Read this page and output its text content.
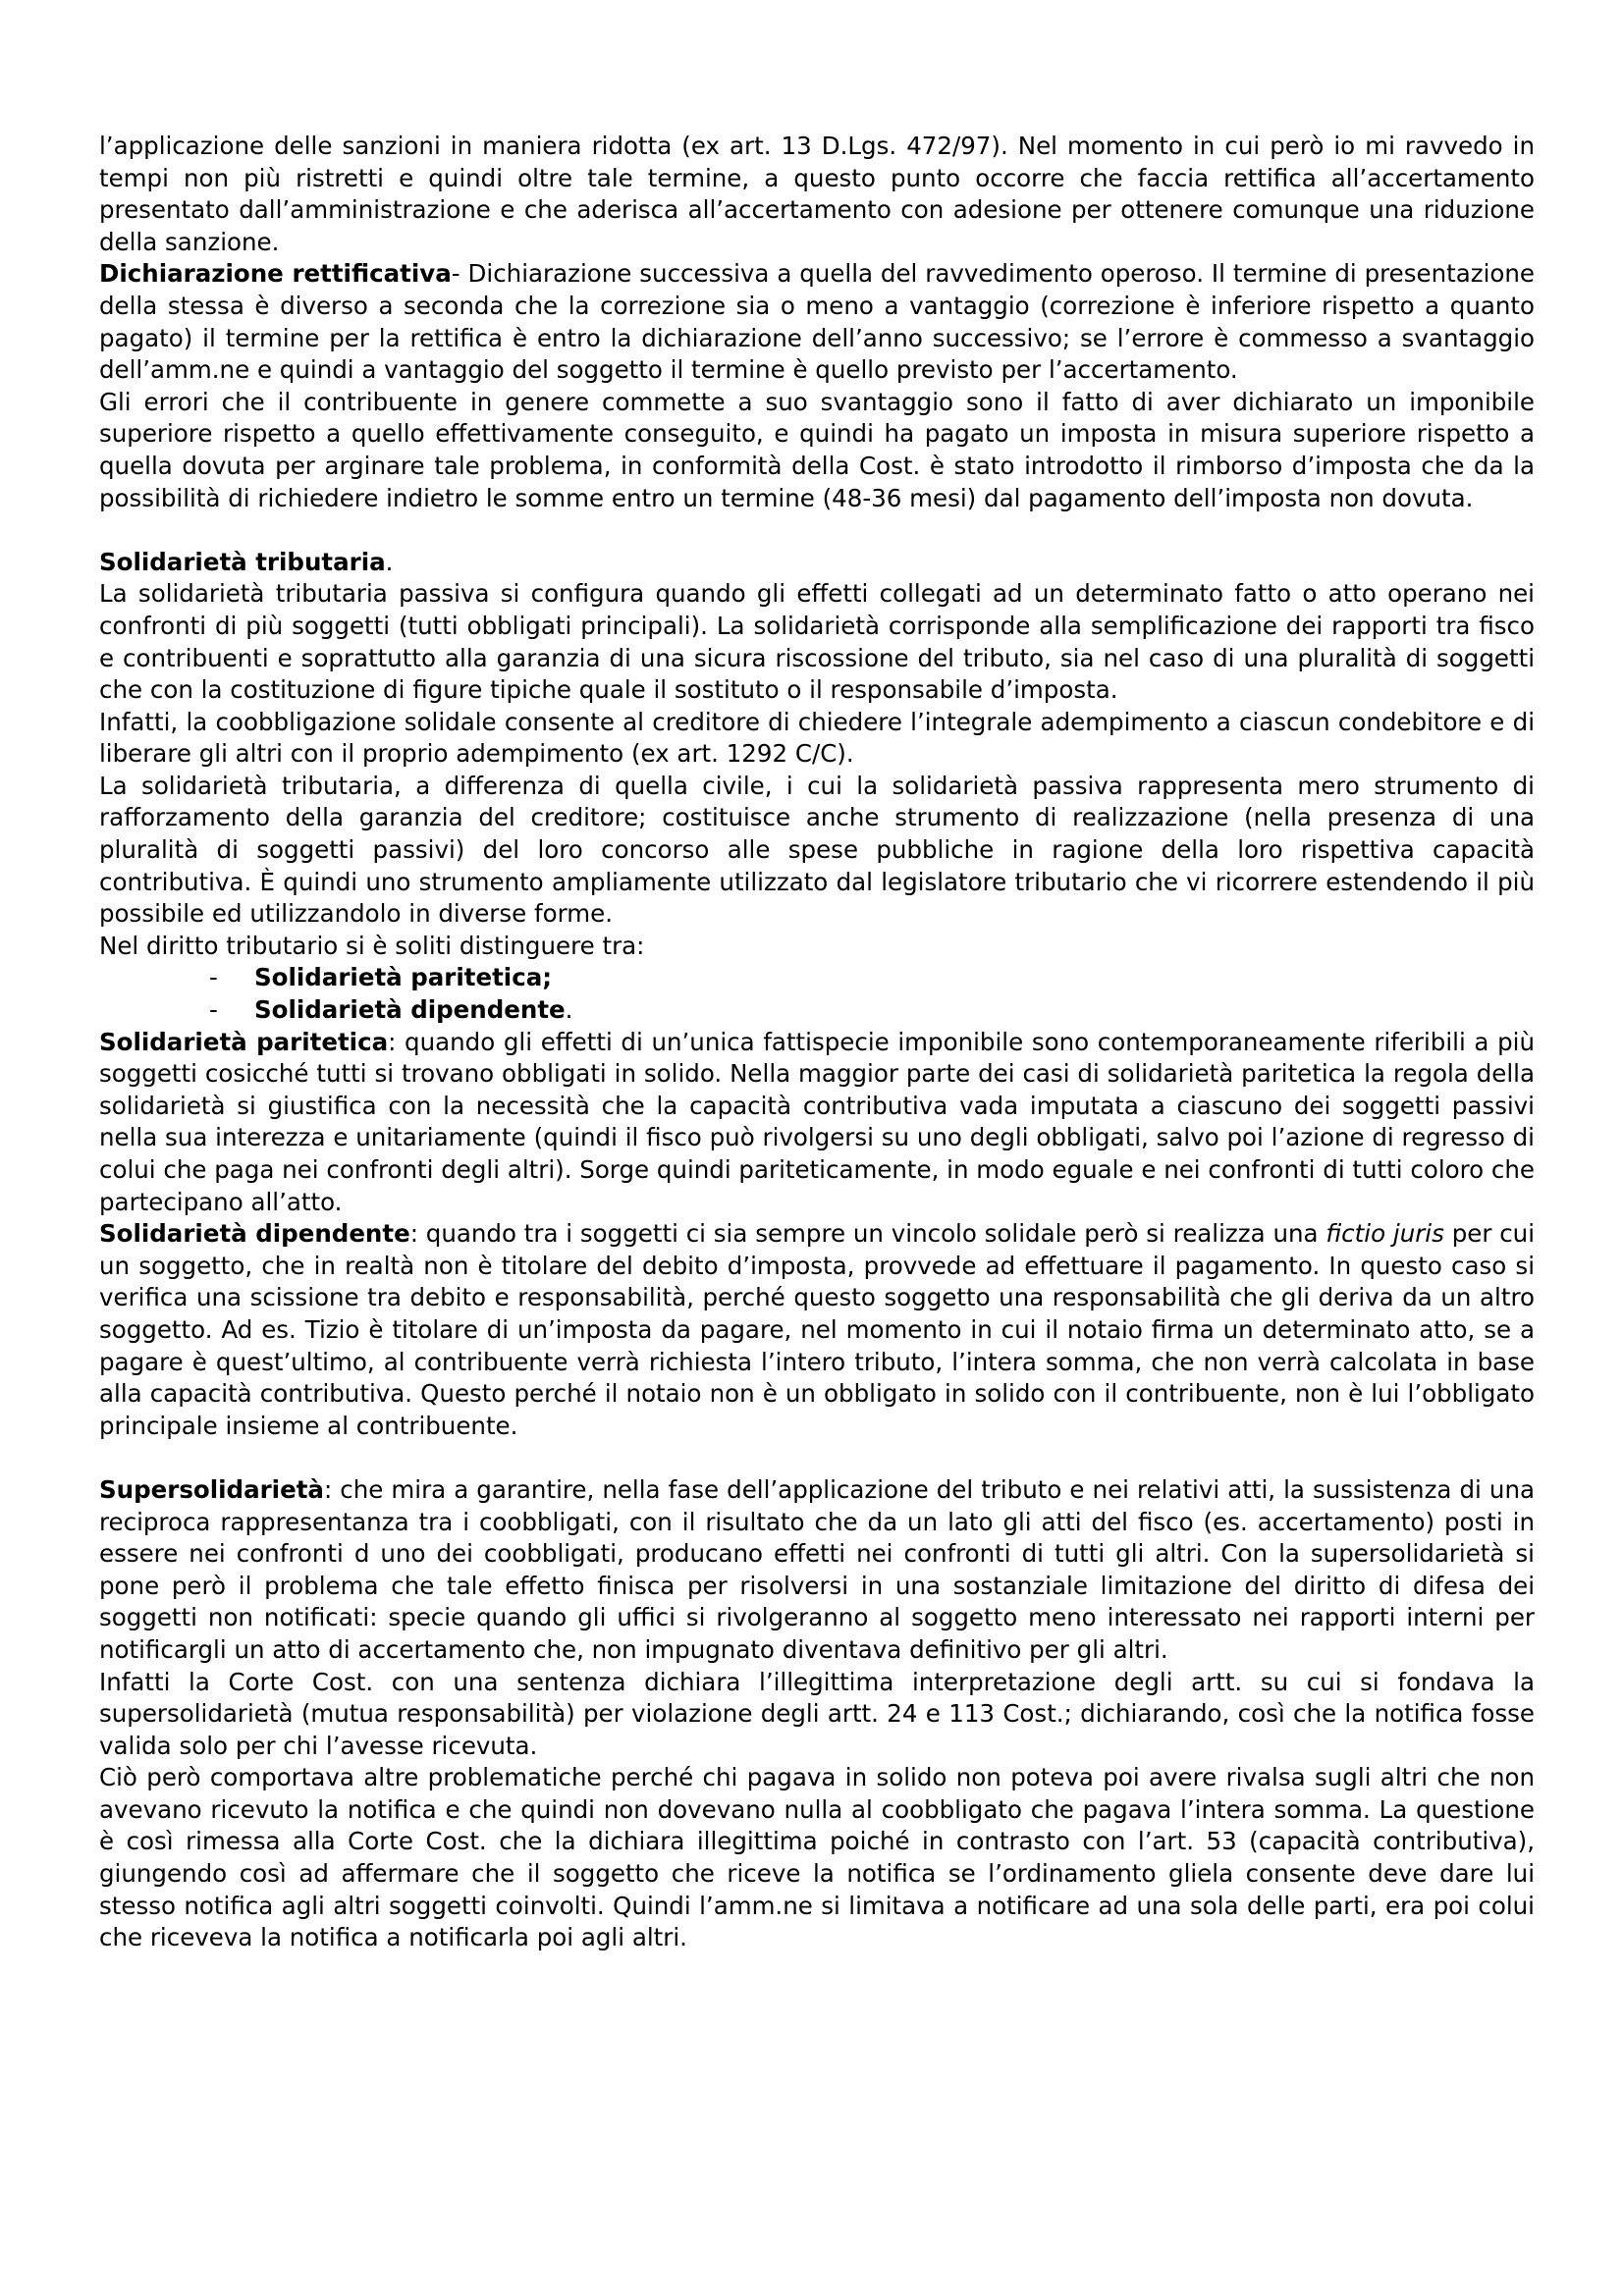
l’applicazione delle sanzioni in maniera ridotta (ex art. 13 D.Lgs. 472/97). Nel momento in cui però io mi ravvedo in tempi non più ristretti e quindi oltre tale termine, a questo punto occorre che faccia rettifica all’accertamento presentato dall’amministrazione e che aderisca all’accertamento con adesione per ottenere comunque una riduzione della sanzione.

Dichiarazione rettificativa- Dichiarazione successiva a quella del ravvedimento operoso. Il termine di presentazione della stessa è diverso a seconda che la correzione sia o meno a vantaggio (correzione è inferiore rispetto a quanto pagato) il termine per la rettifica è entro la dichiarazione dell’anno successivo; se l’errore è commesso a svantaggio dell’amm.ne e quindi a vantaggio del soggetto il termine è quello previsto per l’accertamento.

Gli errori che il contribuente in genere commette a suo svantaggio sono il fatto di aver dichiarato un imponibile superiore rispetto a quello effettivamente conseguito, e quindi ha pagato un imposta in misura superiore rispetto a quella dovuta per arginare tale problema, in conformità della Cost. è stato introdotto il rimborso d’imposta che da la possibilità di richiedere indietro le somme entro un termine (48-36 mesi) dal pagamento dell’imposta non dovuta.

Solidarietà tributaria.

La solidarietà tributaria passiva si configura quando gli effetti collegati ad un determinato fatto o atto operano nei confronti di più soggetti (tutti obbligati principali). La solidarietà corrisponde alla semplificazione dei rapporti tra fisco e contribuenti e soprattutto alla garanzia di una sicura riscossione del tributo, sia nel caso di una pluralità di soggetti che con la costituzione di figure tipiche quale il sostituto o il responsabile d’imposta.

Infatti, la coobbligazione solidale consente al creditore di chiedere l’integrale adempimento a ciascun condebitore e di liberare gli altri con il proprio adempimento (ex art. 1292 C/C).

La solidarietà tributaria, a differenza di quella civile, i cui la solidarietà passiva rappresenta mero strumento di rafforzamento della garanzia del creditore; costituisce anche strumento di realizzazione (nella presenza di una pluralità di soggetti passivi) del loro concorso alle spese pubbliche in ragione della loro rispettiva capacità contributiva. È quindi uno strumento ampliamente utilizzato dal legislatore tributario che vi ricorrere estendendo il più possibile ed utilizzandolo in diverse forme.

Nel diritto tributario si è soliti distinguere tra:

- Solidarietà paritetica;
- Solidarietà dipendente.

Solidarietà paritetica: quando gli effetti di un’unica fattispecie imponibile sono contemporaneamente riferibili a più soggetti cosicché tutti si trovano obbligati in solido. Nella maggior parte dei casi di solidarietà paritetica la regola della solidarietà si giustifica con la necessità che la capacità contributiva vada imputata a ciascuno dei soggetti passivi nella sua interezza e unitariamente (quindi il fisco può rivolgersi su uno degli obbligati, salvo poi l’azione di regresso di colui che paga nei confronti degli altri). Sorge quindi pariteticamente, in modo eguale e nei confronti di tutti coloro che partecipano all’atto.

Solidarietà dipendente: quando tra i soggetti ci sia sempre un vincolo solidale però si realizza una fictio juris per cui un soggetto, che in realtà non è titolare del debito d’imposta, provvede ad effettuare il pagamento. In questo caso si verifica una scissione tra debito e responsabilità, perché questo soggetto una responsabilità che gli deriva da un altro soggetto. Ad es. Tizio è titolare di un’imposta da pagare, nel momento in cui il notaio firma un determinato atto, se a pagare è quest’ultimo, al contribuente verrà richiesta l’intero tributo, l’intera somma, che non verrà calcolata in base alla capacità contributiva. Questo perché il notaio non è un obbligato in solido con il contribuente, non è lui l’obbligato principale insieme al contribuente.

Supersolidarietà: che mira a garantire, nella fase dell’applicazione del tributo e nei relativi atti, la sussistenza di una reciproca rappresentanza tra i coobbligati, con il risultato che da un lato gli atti del fisco (es. accertamento) posti in essere nei confronti d uno dei coobbligati, producano effetti nei confronti di tutti gli altri. Con la supersolidarietà si pone però il problema che tale effetto finisca per risolversi in una sostanziale limitazione del diritto di difesa dei soggetti non notificati: specie quando gli uffici si rivolgeranno al soggetto meno interessato nei rapporti interni per notificargli un atto di accertamento che, non impugnato diventava definitivo per gli altri.

Infatti la Corte Cost. con una sentenza dichiara l’illegittima interpretazione degli artt. su cui si fondava la supersolidarietà (mutua responsabilità) per violazione degli artt. 24 e 113 Cost.; dichiarando, così che la notifica fosse valida solo per chi l’avesse ricevuta.

Ciò però comportava altre problematiche perché chi pagava in solido non poteva poi avere rivalsa sugli altri che non avevano ricevuto la notifica e che quindi non dovevano nulla al coobbligato che pagava l’intera somma. La questione è così rimessa alla Corte Cost. che la dichiara illegittima poiché in contrasto con l’art. 53 (capacità contributiva), giungendo così ad affermare che il soggetto che riceve la notifica se l’ordinamento gliela consente deve dare lui stesso notifica agli altri soggetti coinvolti. Quindi l’amm.ne si limitava a notificare ad una sola delle parti, era poi colui che riceveva la notifica a notificarla poi agli altri.
